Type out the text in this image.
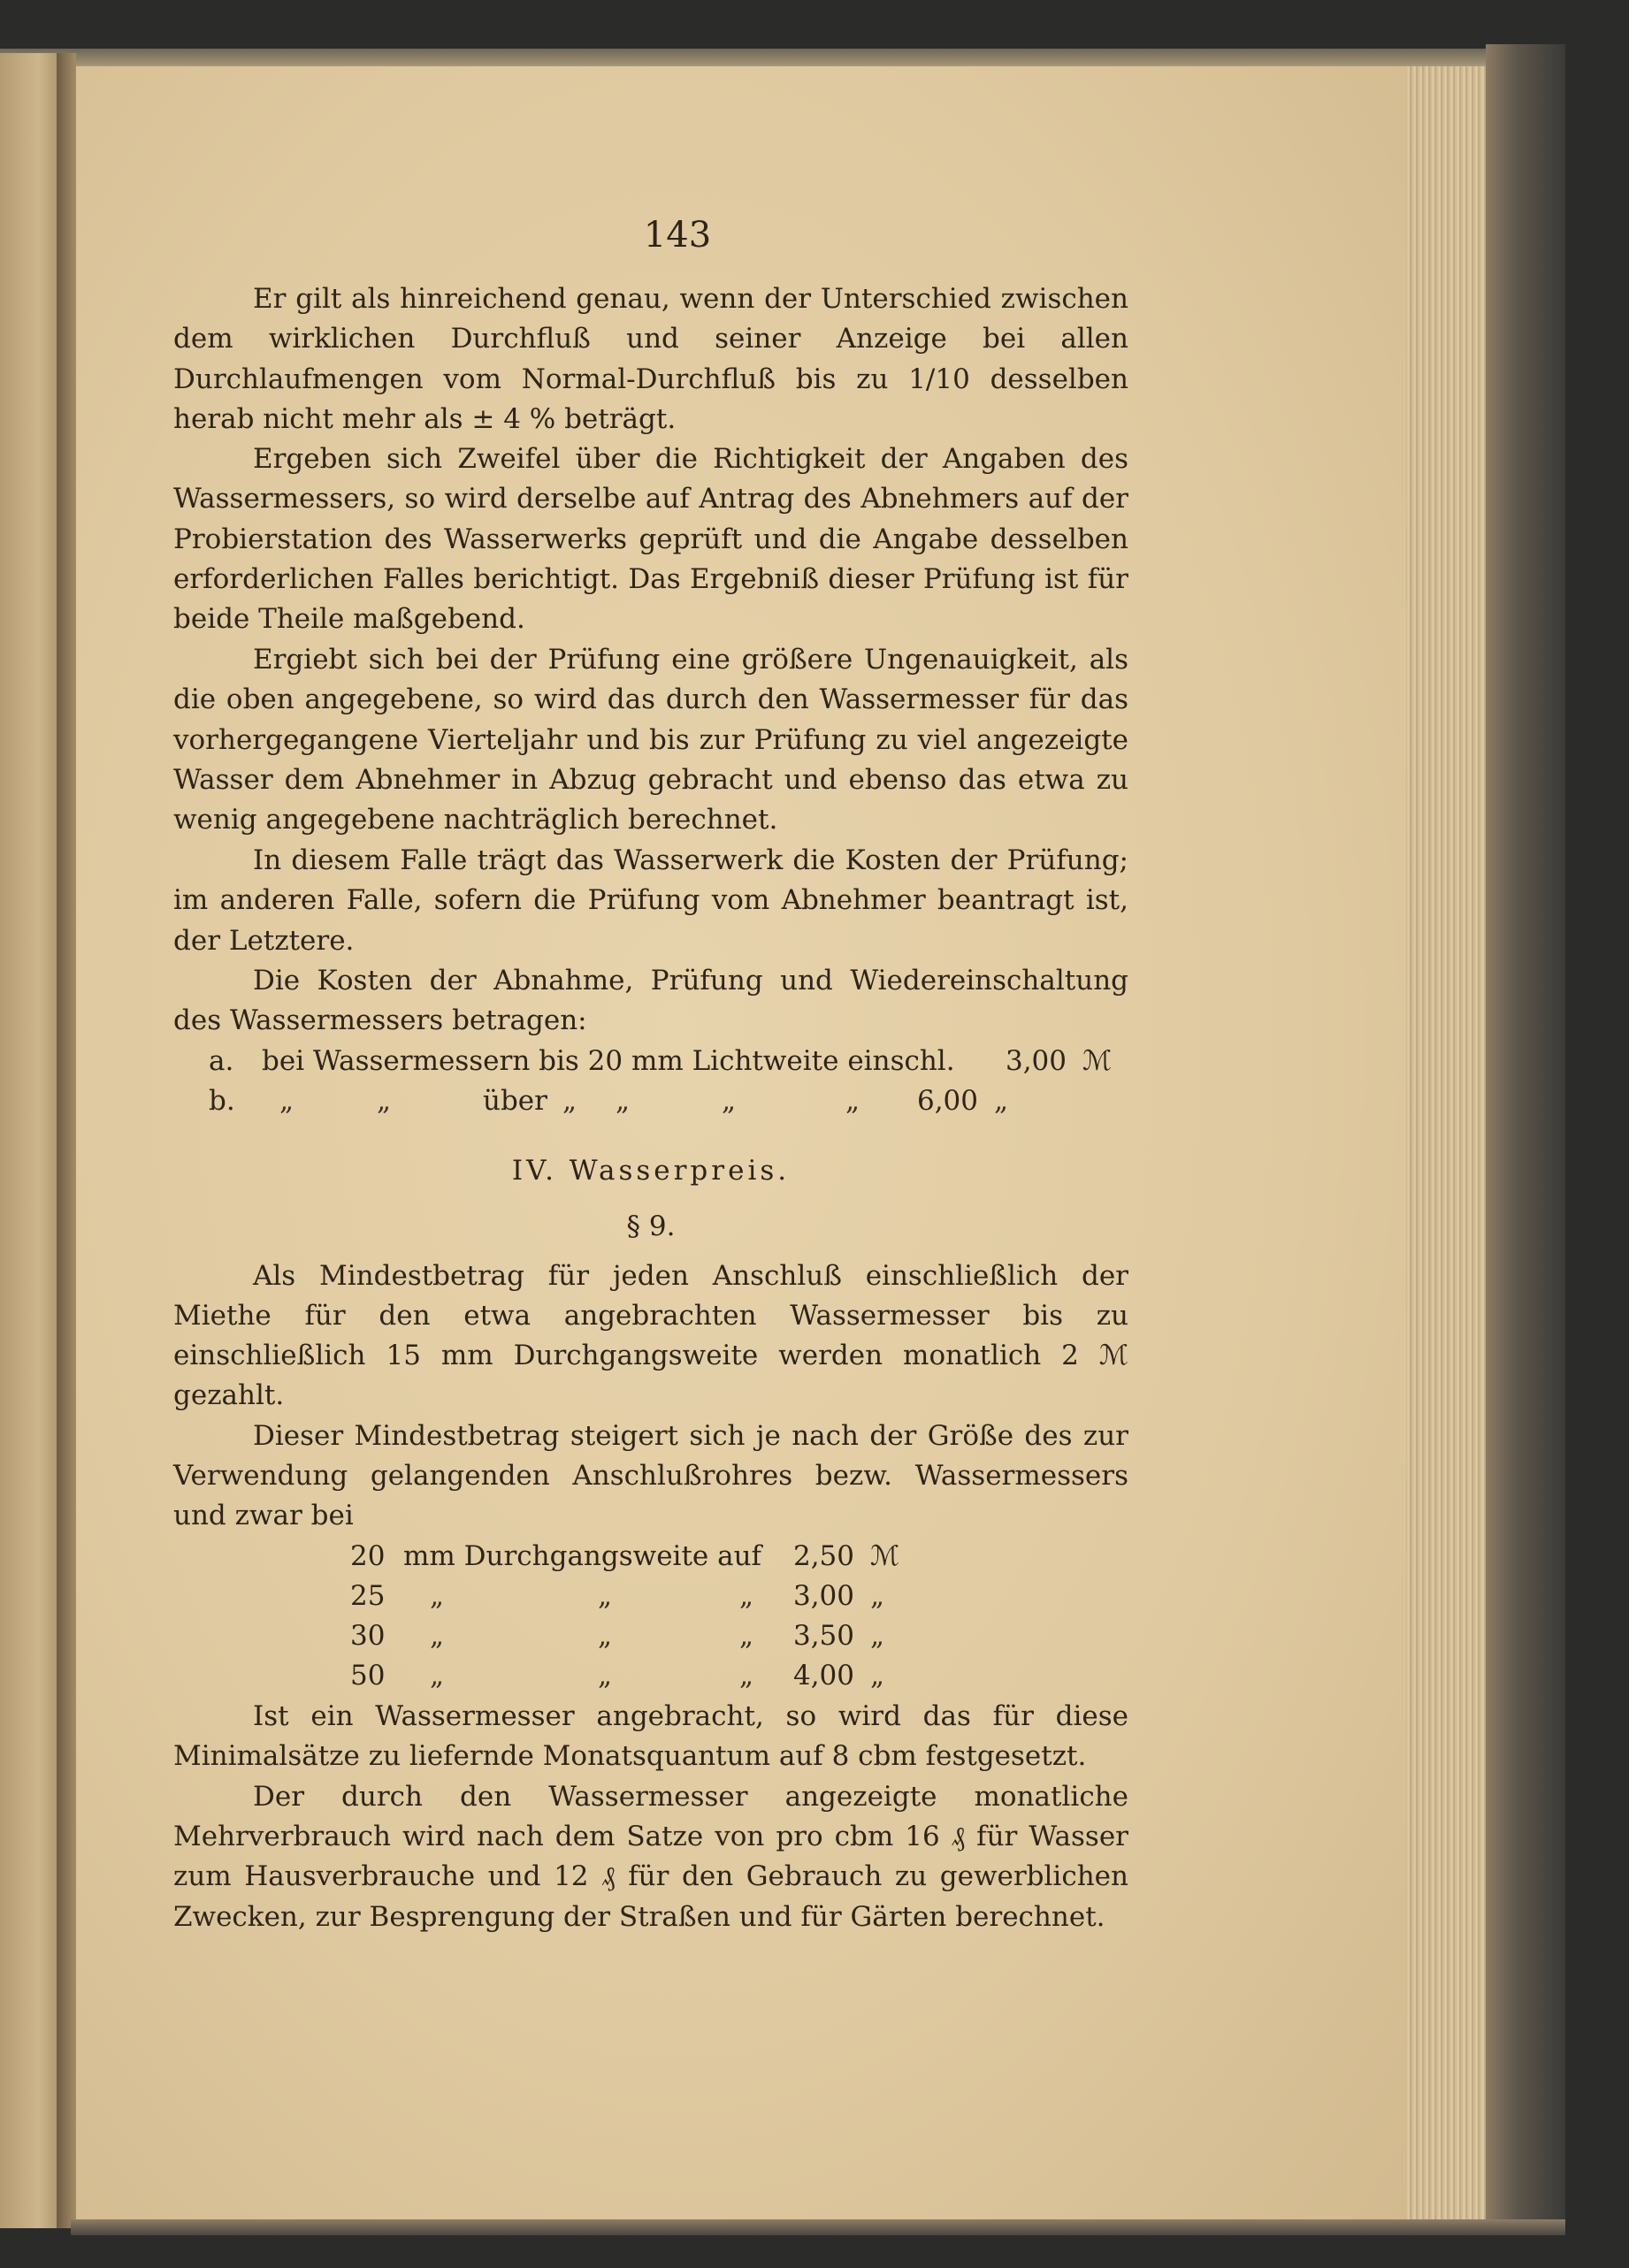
143

Er gilt als hinreichend genau, wenn der Unterschied zwischen dem wirklichen Durchfluß und seiner Anzeige bei allen Durchlaufmengen vom Normal-Durchfluß bis zu 1/10 desselben herab nicht mehr als ± 4 % beträgt.

Ergeben sich Zweifel über die Richtigkeit der Angaben des Wassermessers, so wird derselbe auf Antrag des Abnehmers auf der Probierstation des Wasserwerks geprüft und die Angabe desselben erforderlichen Falles berichtigt. Das Ergebniß dieser Prüfung ist für beide Theile maßgebend.

Ergiebt sich bei der Prüfung eine größere Ungenauigkeit, als die oben angegebene, so wird das durch den Wassermesser für das vorhergegangene Vierteljahr und bis zur Prüfung zu viel angezeigte Wasser dem Abnehmer in Abzug gebracht und ebenso das etwa zu wenig angegebene nachträglich berechnet.

In diesem Falle trägt das Wasserwerk die Kosten der Prüfung; im anderen Falle, sofern die Prüfung vom Abnehmer beantragt ist, der Letztere.

Die Kosten der Abnahme, Prüfung und Wiedereinschaltung des Wassermessers betragen:

a.	bei Wassermessern bis 20 mm Lichtweite einschl.	3,00 ℳ
b.	„	„	über „	„	„	„	6,00 „
IV. Wasserpreis.
§ 9.

Als Mindestbetrag für jeden Anschluß einschließlich der Miethe für den etwa angebrachten Wassermesser bis zu einschließlich 15 mm Durchgangsweite werden monatlich 2 ℳ gezahlt.

Dieser Mindestbetrag steigert sich je nach der Größe des zur Verwendung gelangenden Anschlußrohres bezw. Wassermessers und zwar bei

20 mm Durchgangsweite auf	2,50 ℳ
25	„	„	„	3,00 „
30	„	„	„	3,50 „
50	„	„	„	4,00 „

Ist ein Wassermesser angebracht, so wird das für diese Minimalsätze zu liefernde Monatsquantum auf 8 cbm festgesetzt.

Der durch den Wassermesser angezeigte monatliche Mehrverbrauch wird nach dem Satze von pro cbm 16 ₰ für Wasser zum Hausverbrauche und 12 ₰ für den Gebrauch zu gewerblichen Zwecken, zur Besprengung der Straßen und für Gärten berechnet.
